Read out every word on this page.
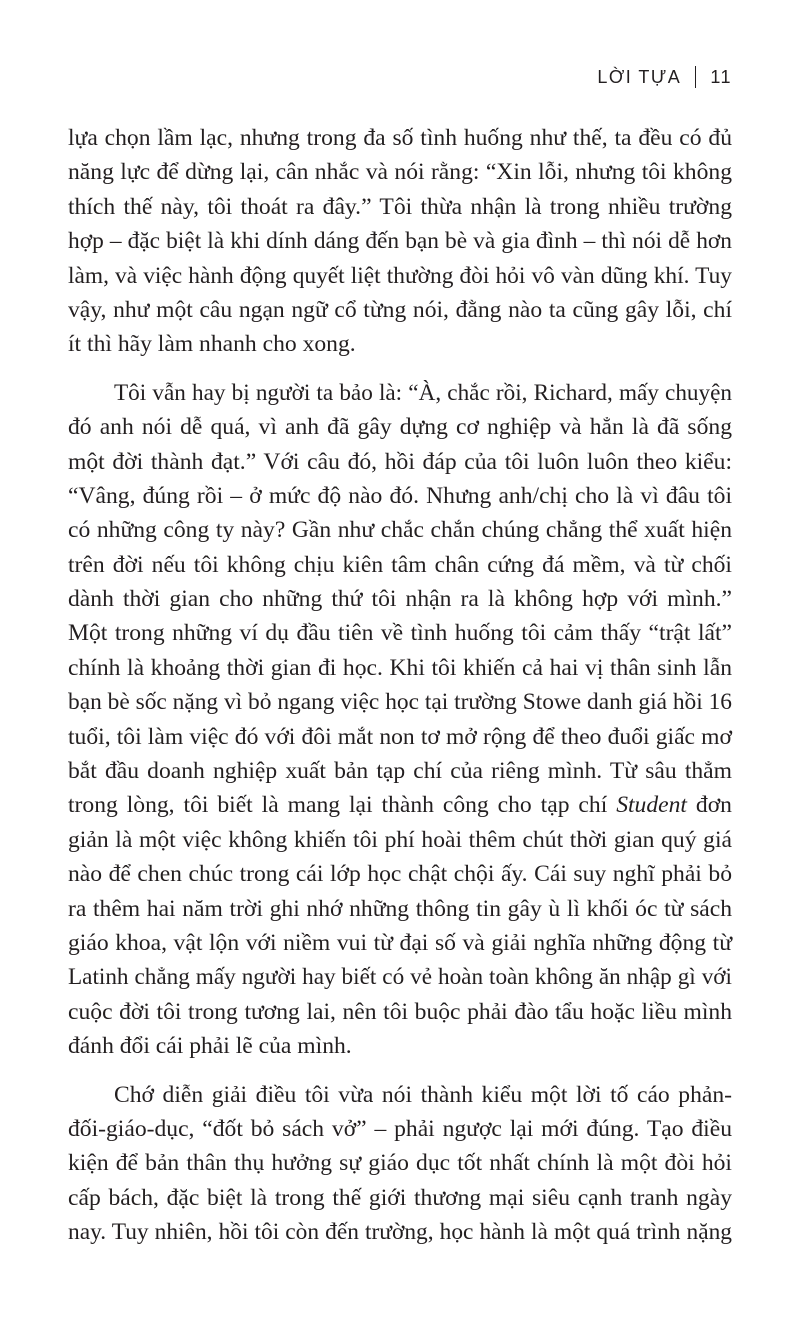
LỜI TỰA 11
lựa chọn lầm lạc, nhưng trong đa số tình huống như thế, ta đều có đủ
năng lực để dừng lại, cân nhắc và nói rằng: “Xin lỗi, nhưng tôi không
thích thế này, tôi thoát ra đây.” Tôi thừa nhận là trong nhiều trường
hợp – đặc biệt là khi dính dáng đến bạn bè và gia đình – thì nói dễ hơn
làm, và việc hành động quyết liệt thường đòi hỏi vô vàn dũng khí. Tuy
vậy, như một câu ngạn ngữ cổ từng nói, đằng nào ta cũng gây lỗi, chí
ít thì hãy làm nhanh cho xong.
Tôi vẫn hay bị người ta bảo là: “À, chắc rồi, Richard, mấy chuyện
đó anh nói dễ quá, vì anh đã gây dựng cơ nghiệp và hẳn là đã sống
một đời thành đạt.” Với câu đó, hồi đáp của tôi luôn luôn theo kiểu:
“Vâng, đúng rồi – ở mức độ nào đó. Nhưng anh/chị cho là vì đâu tôi
có những công ty này? Gần như chắc chắn chúng chẳng thể xuất hiện
trên đời nếu tôi không chịu kiên tâm chân cứng đá mềm, và từ chối
dành thời gian cho những thứ tôi nhận ra là không hợp với mình.”
Một trong những ví dụ đầu tiên về tình huống tôi cảm thấy “trật lất”
chính là khoảng thời gian đi học. Khi tôi khiến cả hai vị thân sinh lẫn
bạn bè sốc nặng vì bỏ ngang việc học tại trường Stowe danh giá hồi 16
tuổi, tôi làm việc đó với đôi mắt non tơ mở rộng để theo đuổi giấc mơ
bắt đầu doanh nghiệp xuất bản tạp chí của riêng mình. Từ sâu thẳm
trong lòng, tôi biết là mang lại thành công cho tạp chí Student đơn
giản là một việc không khiến tôi phí hoài thêm chút thời gian quý giá
nào để chen chúc trong cái lớp học chật chội ấy. Cái suy nghĩ phải bỏ
ra thêm hai năm trời ghi nhớ những thông tin gây ù lì khối óc từ sách
giáo khoa, vật lộn với niềm vui từ đại số và giải nghĩa những động từ
Latinh chẳng mấy người hay biết có vẻ hoàn toàn không ăn nhập gì với
cuộc đời tôi trong tương lai, nên tôi buộc phải đào tẩu hoặc liều mình
đánh đổi cái phải lẽ của mình.
Chớ diễn giải điều tôi vừa nói thành kiểu một lời tố cáo phản-
đối-giáo-dục, “đốt bỏ sách vở” – phải ngược lại mới đúng. Tạo điều
kiện để bản thân thụ hưởng sự giáo dục tốt nhất chính là một đòi hỏi
cấp bách, đặc biệt là trong thế giới thương mại siêu cạnh tranh ngày
nay. Tuy nhiên, hồi tôi còn đến trường, học hành là một quá trình nặng
